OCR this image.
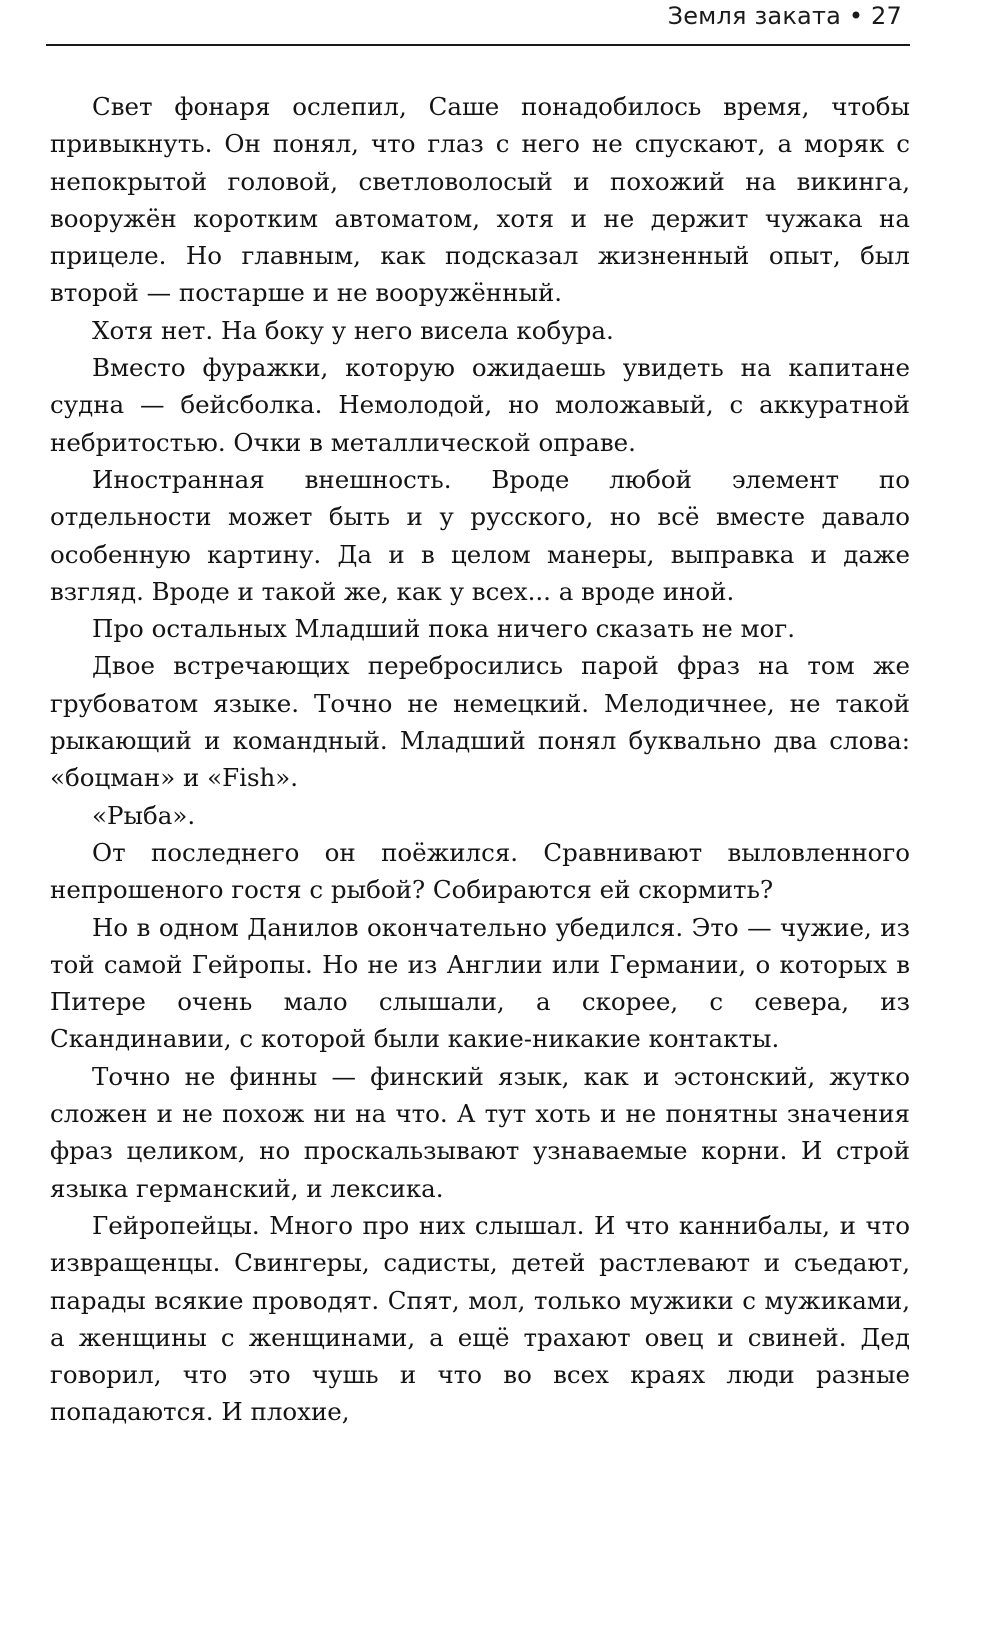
Земля заката • 27

Свет фонаря ослепил, Саше понадобилось время, чтобы привыкнуть. Он понял, что глаз с него не спускают, а моряк с непокрытой головой, светловолосый и похожий на викинга, вооружён коротким автоматом, хотя и не держит чужака на прицеле. Но главным, как подсказал жизненный опыт, был второй — постарше и не вооружённый.

Хотя нет. На боку у него висела кобура.

Вместо фуражки, которую ожидаешь увидеть на капитане судна — бейсболка. Немолодой, но моложавый, с аккуратной небритостью. Очки в металлической оправе.

Иностранная внешность. Вроде любой элемент по отдельности может быть и у русского, но всё вместе давало особенную картину. Да и в целом манеры, выправка и даже взгляд. Вроде и такой же, как у всех... а вроде иной.

Про остальных Младший пока ничего сказать не мог.

Двое встречающих перебросились парой фраз на том же грубоватом языке. Точно не немецкий. Мелодичнее, не такой рыкающий и командный. Младший понял буквально два слова: «боцман» и «Fish».

«Рыба».

От последнего он поёжился. Сравнивают выловленного непрошеного гостя с рыбой? Собираются ей скормить?

Но в одном Данилов окончательно убедился. Это — чужие, из той самой Гейропы. Но не из Англии или Германии, о которых в Питере очень мало слышали, а скорее, с севера, из Скандинавии, с которой были какие-никакие контакты.

Точно не финны — финский язык, как и эстонский, жутко сложен и не похож ни на что. А тут хоть и не понятны значения фраз целиком, но проскальзывают узнаваемые корни. И строй языка германский, и лексика.

Гейропейцы. Много про них слышал. И что каннибалы, и что извращенцы. Свингеры, садисты, детей растлевают и съедают, парады всякие проводят. Спят, мол, только мужики с мужиками, а женщины с женщинами, а ещё трахают овец и свиней. Дед говорил, что это чушь и что во всех краях люди разные попадаются. И плохие,
